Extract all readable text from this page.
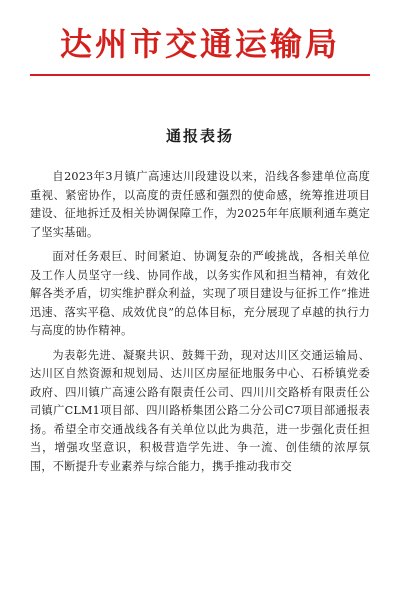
达州市交通运输局
通报表扬

自2023年3月镇广高速达川段建设以来，沿线各参建单位高度重视、紧密协作，以高度的责任感和强烈的使命感，统筹推进项目建设、征地拆迁及相关协调保障工作，为2025年年底顺利通车奠定了坚实基础。

面对任务艰巨、时间紧迫、协调复杂的严峻挑战，各相关单位及工作人员坚守一线、协同作战，以务实作风和担当精神，有效化解各类矛盾，切实维护群众利益，实现了项目建设与征拆工作“推进迅速、落实平稳、成效优良”的总体目标，充分展现了卓越的执行力与高度的协作精神。

为表彰先进、凝聚共识、鼓舞干劲，现对达川区交通运输局、达川区自然资源和规划局、达川区房屋征地服务中心、石桥镇党委政府、四川镇广高速公路有限责任公司、四川川交路桥有限责任公司镇广CLM1项目部、四川路桥集团公路二分公司C7项目部通报表扬。希望全市交通战线各有关单位以此为典范，进一步强化责任担当，增强攻坚意识，积极营造学先进、争一流、创佳绩的浓厚氛围，不断提升专业素养与综合能力，携手推动我市交
